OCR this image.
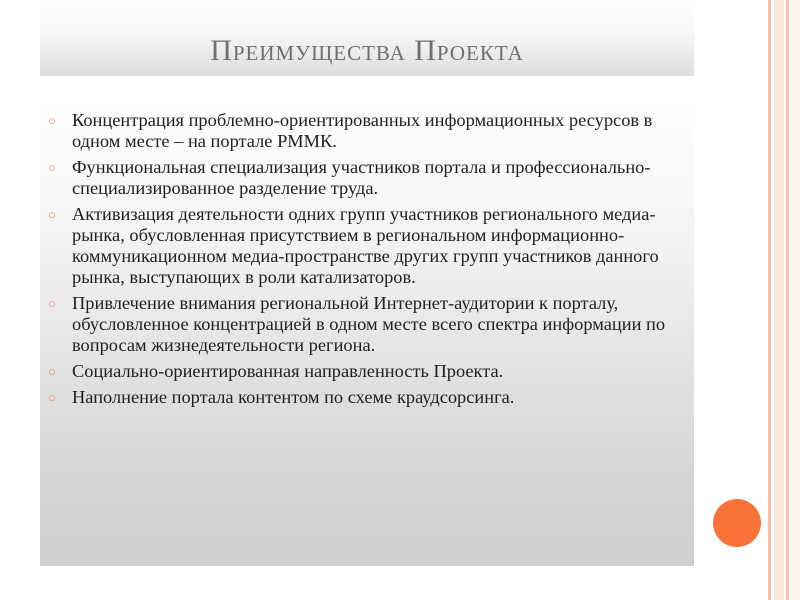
Преимущества Проекта
○ Концентрация проблемно-ориентированных информационных ресурсов в одном месте – на портале РММК.
○ Функциональная специализация участников портала и профессионально-специализированное разделение труда.
○ Активизация деятельности одних групп участников регионального медиа-рынка, обусловленная присутствием в региональном информационно-коммуникационном медиа-пространстве других групп участников данного рынка, выступающих в роли катализаторов.
○ Привлечение внимания региональной Интернет-аудитории к порталу, обусловленное концентрацией в одном месте всего спектра информации по вопросам жизнедеятельности региона.
○ Социально-ориентированная направленность Проекта.
○ Наполнение портала контентом по схеме краудсорсинга.
